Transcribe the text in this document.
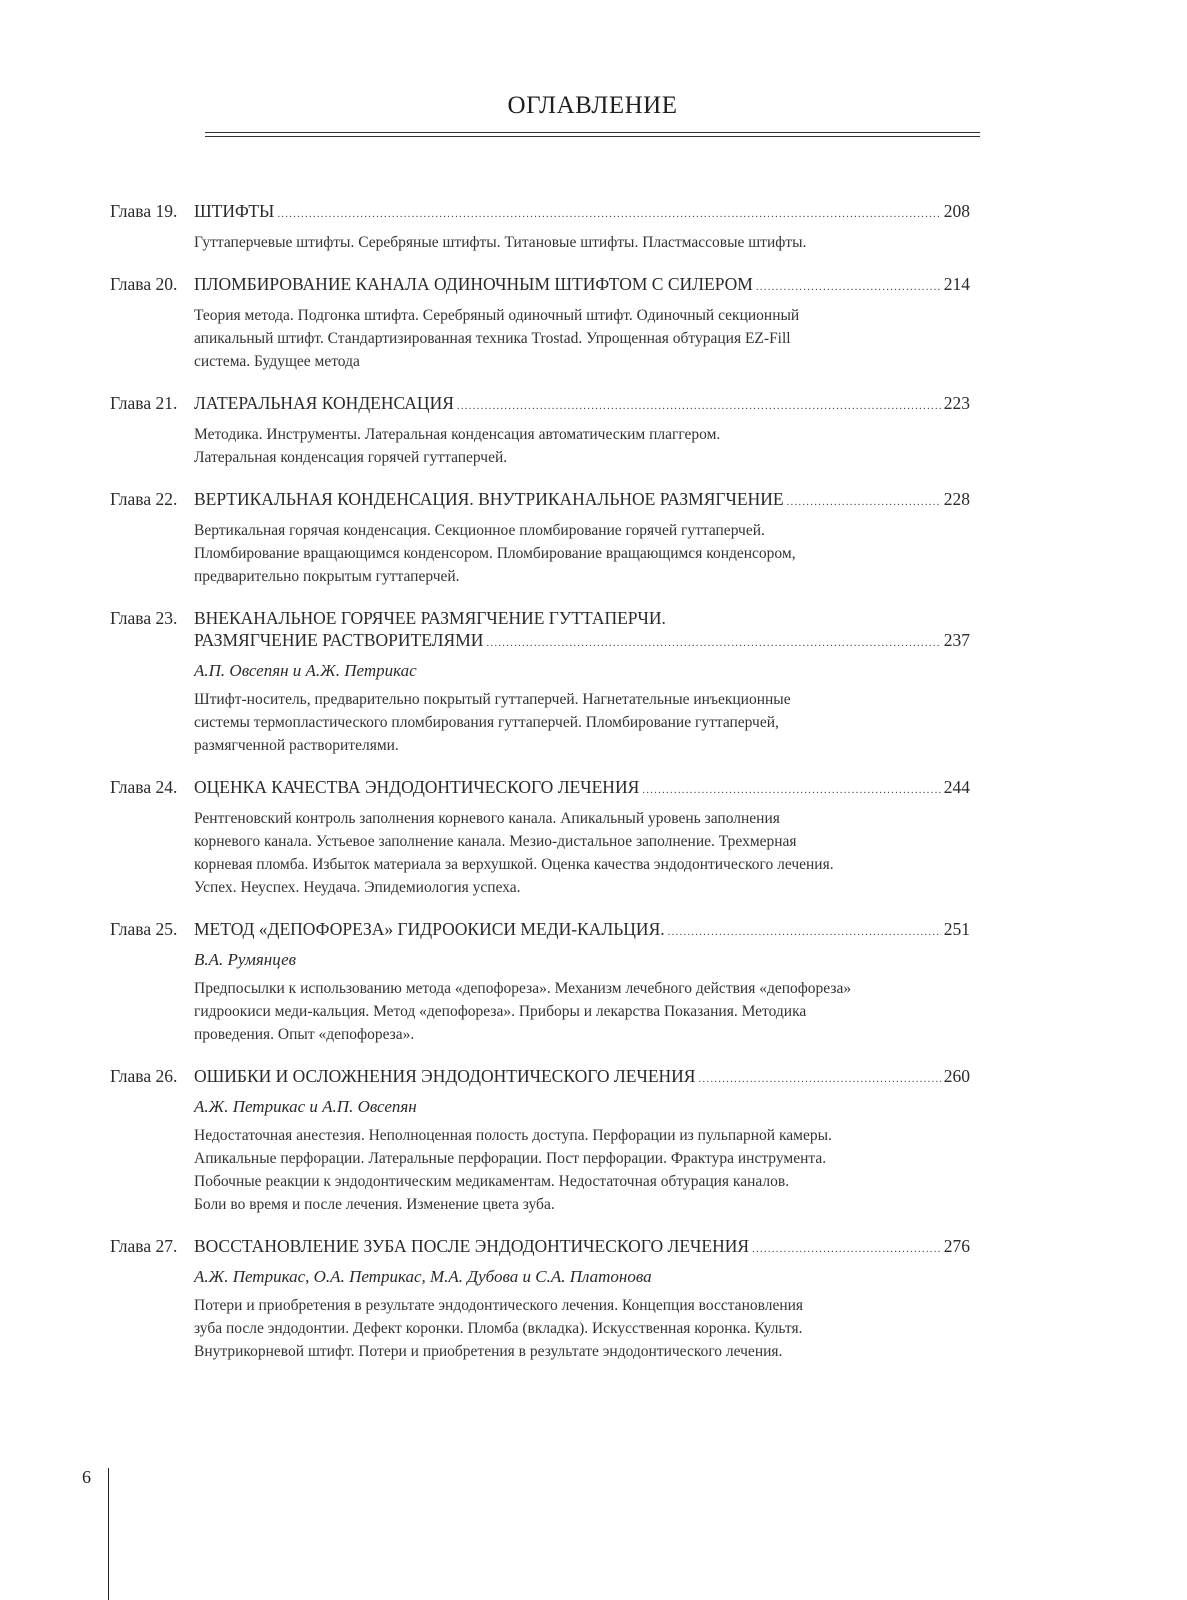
ОГЛАВЛЕНИЕ
Глава 19. ШТИФТЫ .....	208
Гуттаперчевые штифты. Серебряные штифты. Титановые штифты. Пластмассовые штифты.
Глава 20. ПЛОМБИРОВАНИЕ КАНАЛА ОДИНОЧНЫМ ШТИФТОМ С СИЛЕРОМ .....	214
Теория метода. Подгонка штифта. Серебряный одиночный штифт. Одиночный секционный
апикальный штифт. Стандартизированная техника Trostad. Упрощенная обтурация EZ-Fill
система. Будущее метода
Глава 21. ЛАТЕРАЛЬНАЯ КОНДЕНСАЦИЯ .....	223
Методика. Инструменты. Латеральная конденсация автоматическим плаггером.
Латеральная конденсация горячей гуттаперчей.
Глава 22. ВЕРТИКАЛЬНАЯ КОНДЕНСАЦИЯ. ВНУТРИКАНАЛЬНОЕ РАЗМЯГЧЕНИЕ .....	228
Вертикальная горячая конденсация. Секционное пломбирование горячей гуттаперчей.
Пломбирование вращающимся конденсором. Пломбирование вращающимся конденсором,
предварительно покрытым гуттаперчей.
Глава 23. ВНЕКАНАЛЬНОЕ ГОРЯЧЕЕ РАЗМЯГЧЕНИЕ ГУТТАПЕРЧИ.
РАЗМЯГЧЕНИЕ РАСТВОРИТЕЛЯМИ .....	237
А.П. Овсепян и А.Ж. Петрикас
Штифт-носитель, предварительно покрытый гуттаперчей. Нагнетательные инъекционные
системы термопластического пломбирования гуттаперчей. Пломбирование гуттаперчей,
размягченной растворителями.
Глава 24. ОЦЕНКА КАЧЕСТВА ЭНДОДОНТИЧЕСКОГО ЛЕЧЕНИЯ .....	244
Рентгеновский контроль заполнения корневого канала. Апикальный уровень заполнения
корневого канала. Устьевое заполнение канала. Мезио-дистальное заполнение. Трехмерная
корневая пломба. Избыток материала за верхушкой. Оценка качества эндодонтического лечения.
Успех. Неуспех. Неудача. Эпидемиология успеха.
Глава 25. МЕТОД «ДЕПОФОРЕЗА» ГИДРООКИСИ МЕДИ-КАЛЬЦИЯ. .....	251
В.А. Румянцев
Предпосылки к использованию метода «депофореза». Механизм лечебного действия «депофореза»
гидроокиси меди-кальция. Метод «депофореза». Приборы и лекарства Показания. Методика
проведения. Опыт «депофореза».
Глава 26. ОШИБКИ И ОСЛОЖНЕНИЯ ЭНДОДОНТИЧЕСКОГО ЛЕЧЕНИЯ .....	260
А.Ж. Петрикас и А.П. Овсепян
Недостаточная анестезия. Неполноценная полость доступа. Перфорации из пульпарной камеры.
Апикальные перфорации. Латеральные перфорации. Пост перфорации. Фрактура инструмента.
Побочные реакции к эндодонтическим медикаментам. Недостаточная обтурация каналов.
Боли во время и после лечения. Изменение цвета зуба.
Глава 27. ВОССТАНОВЛЕНИЕ ЗУБА ПОСЛЕ ЭНДОДОНТИЧЕСКОГО ЛЕЧЕНИЯ .....	276
А.Ж. Петрикас, О.А. Петрикас, М.А. Дубова и С.А. Платонова
Потери и приобретения в результате эндодонтического лечения. Концепция восстановления
зуба после эндодонтии. Дефект коронки. Пломба (вкладка). Искусственная коронка. Культя.
Внутрикорневой штифт. Потери и приобретения в результате эндодонтического лечения.
6
